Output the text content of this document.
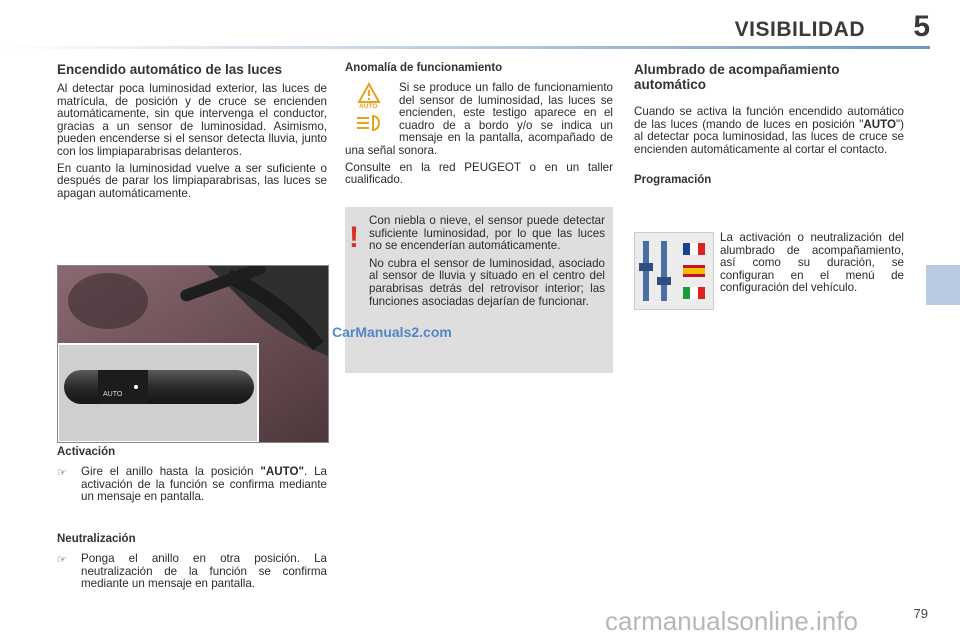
VISIBILIDAD 5
Encendido automático de las luces

Al detectar poca luminosidad exterior, las luces de matrícula, de posición y de cruce se encienden automáticamente, sin que intervenga el conductor, gracias a un sensor de luminosidad. Asimismo, pueden encenderse si el sensor detecta lluvia, junto con los limpiaparabrisas delanteros.

En cuanto la luminosidad vuelve a ser suficiente o después de parar los limpiaparabrisas, las luces se apagan automáticamente.

AUTO
Activación
☞	Gire el anillo hasta la posición "AUTO". La activación de la función se confirma mediante un mensaje en pantalla.

Neutralización
☞	Ponga el anillo en otra posición. La neutralización de la función se confirma mediante un mensaje en pantalla.

Anomalía de funcionamiento
AUTO

Si se produce un fallo de funcionamiento del sensor de luminosidad, las luces se encienden, este testigo aparece en el cuadro de a bordo y/o se indica un mensaje en la pantalla, acompañado de una señal sonora.

Consulte en la red PEUGEOT o en un taller cualificado.

!

Con niebla o nieve, el sensor puede detectar suficiente luminosidad, por lo que las luces no se encenderían automáticamente.

No cubra el sensor de luminosidad, asociado al sensor de lluvia y situado en el centro del parabrisas detrás del retrovisor interior; las funciones asociadas dejarían de funcionar.

CarManuals2.com
Alumbrado de acompañamiento automático

Cuando se activa la función encendido automático de las luces (mando de luces en posición "AUTO") al detectar poca luminosidad, las luces de cruce se encienden automáticamente al cortar el contacto.

Programación

La activación o neutralización del alumbrado de acompañamiento, así como su duración, se configuran en el menú de configuración del vehículo.

79
carmanualsonline.info
